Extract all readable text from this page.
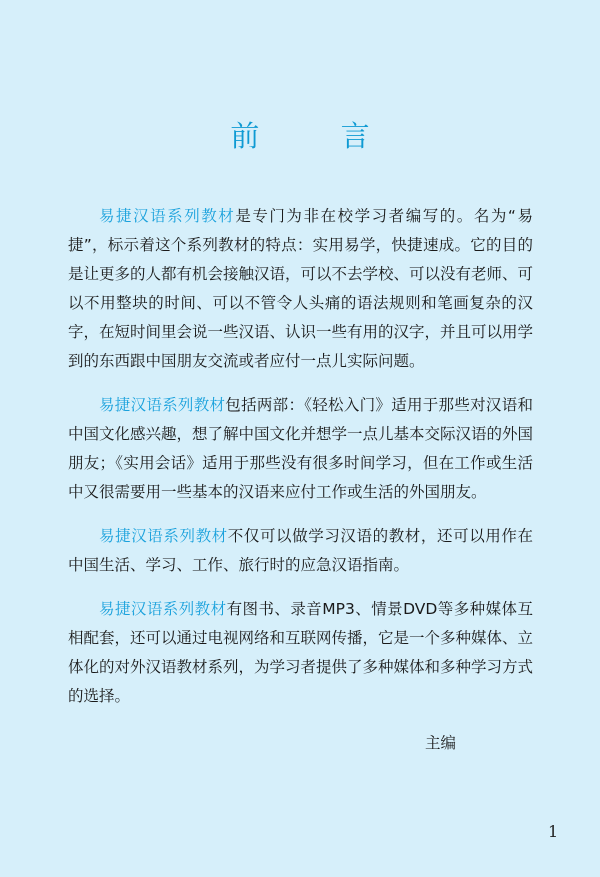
前 言

易捷汉语系列教材是专门为非在校学习者编写的。名为“易捷”，标示着这个系列教材的特点：实用易学，快捷速成。它的目的是让更多的人都有机会接触汉语，可以不去学校、可以没有老师、可以不用整块的时间、可以不管令人头痛的语法规则和笔画复杂的汉字，在短时间里会说一些汉语、认识一些有用的汉字，并且可以用学到的东西跟中国朋友交流或者应付一点儿实际问题。

易捷汉语系列教材包括两部：《轻松入门》适用于那些对汉语和中国文化感兴趣，想了解中国文化并想学一点儿基本交际汉语的外国朋友；《实用会话》适用于那些没有很多时间学习，但在工作或生活中又很需要用一些基本的汉语来应付工作或生活的外国朋友。

易捷汉语系列教材不仅可以做学习汉语的教材，还可以用作在中国生活、学习、工作、旅行时的应急汉语指南。

易捷汉语系列教材有图书、录音MP3、情景DVD等多种媒体互相配套，还可以通过电视网络和互联网传播，它是一个多种媒体、立体化的对外汉语教材系列，为学习者提供了多种媒体和多种学习方式的选择。

主编
1
